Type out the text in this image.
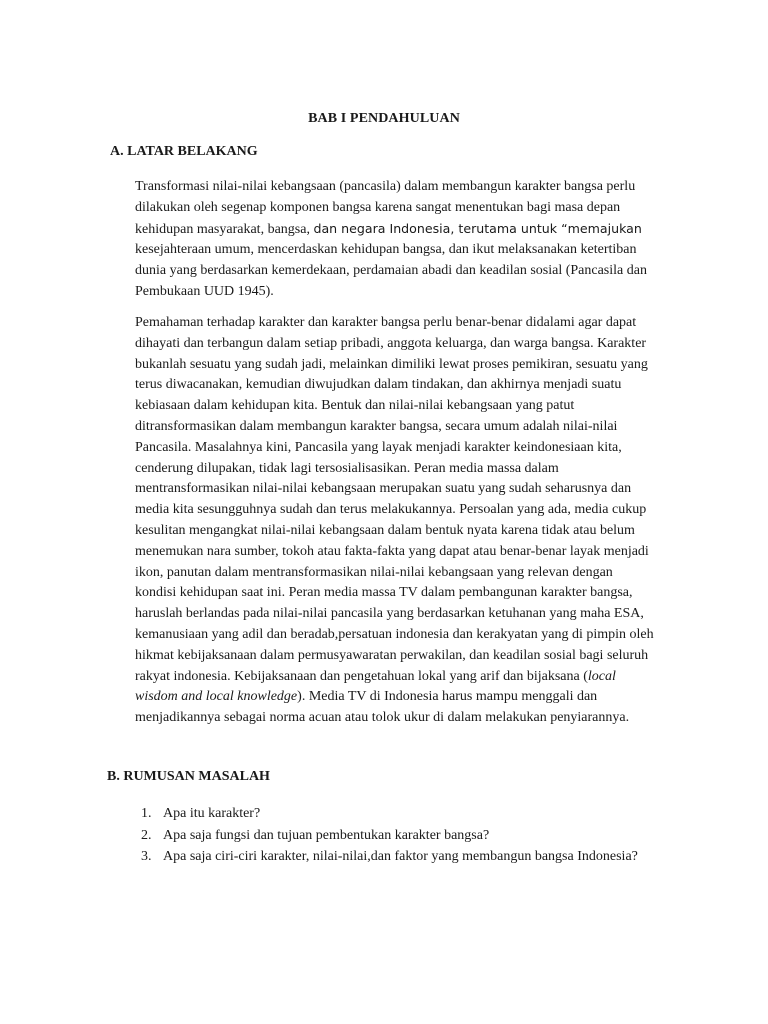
BAB I PENDAHULUAN
A. LATAR BELAKANG

Transformasi nilai-nilai kebangsaan (pancasila) dalam membangun karakter bangsa perlu
dilakukan oleh segenap komponen bangsa karena sangat menentukan bagi masa depan
kehidupan masyarakat, bangsa, dan negara Indonesia, terutama untuk “memajukan
kesejahteraan umum, mencerdaskan kehidupan bangsa, dan ikut melaksanakan ketertiban
dunia yang berdasarkan kemerdekaan, perdamaian abadi dan keadilan sosial (Pancasila dan
Pembukaan UUD 1945).

Pemahaman terhadap karakter dan karakter bangsa perlu benar-benar didalami agar dapat
dihayati dan terbangun dalam setiap pribadi, anggota keluarga, dan warga bangsa. Karakter
bukanlah sesuatu yang sudah jadi, melainkan dimiliki lewat proses pemikiran, sesuatu yang
terus diwacanakan, kemudian diwujudkan dalam tindakan, dan akhirnya menjadi suatu
kebiasaan dalam kehidupan kita. Bentuk dan nilai-nilai kebangsaan yang patut
ditransformasikan dalam membangun karakter bangsa, secara umum adalah nilai-nilai
Pancasila. Masalahnya kini, Pancasila yang layak menjadi karakter keindonesiaan kita,
cenderung dilupakan, tidak lagi tersosialisasikan. Peran media massa dalam
mentransformasikan nilai-nilai kebangsaan merupakan suatu yang sudah seharusnya dan
media kita sesungguhnya sudah dan terus melakukannya. Persoalan yang ada, media cukup
kesulitan mengangkat nilai-nilai kebangsaan dalam bentuk nyata karena tidak atau belum
menemukan nara sumber, tokoh atau fakta-fakta yang dapat atau benar-benar layak menjadi
ikon, panutan dalam mentransformasikan nilai-nilai kebangsaan yang relevan dengan
kondisi kehidupan saat ini. Peran media massa TV dalam pembangunan karakter bangsa,
haruslah berlandas pada nilai-nilai pancasila yang berdasarkan ketuhanan yang maha ESA,
kemanusiaan yang adil dan beradab,persatuan indonesia dan kerakyatan yang di pimpin oleh
hikmat kebijaksanaan dalam permusyawaratan perwakilan, dan keadilan sosial bagi seluruh
rakyat indonesia. Kebijaksanaan dan pengetahuan lokal yang arif dan bijaksana (local
wisdom and local knowledge). Media TV di Indonesia harus mampu menggali dan
menjadikannya sebagai norma acuan atau tolok ukur di dalam melakukan penyiarannya.

B. RUMUSAN MASALAH
1. Apa itu karakter?
2. Apa saja fungsi dan tujuan pembentukan karakter bangsa?
3. Apa saja ciri-ciri karakter, nilai-nilai,dan faktor yang membangun bangsa Indonesia?
